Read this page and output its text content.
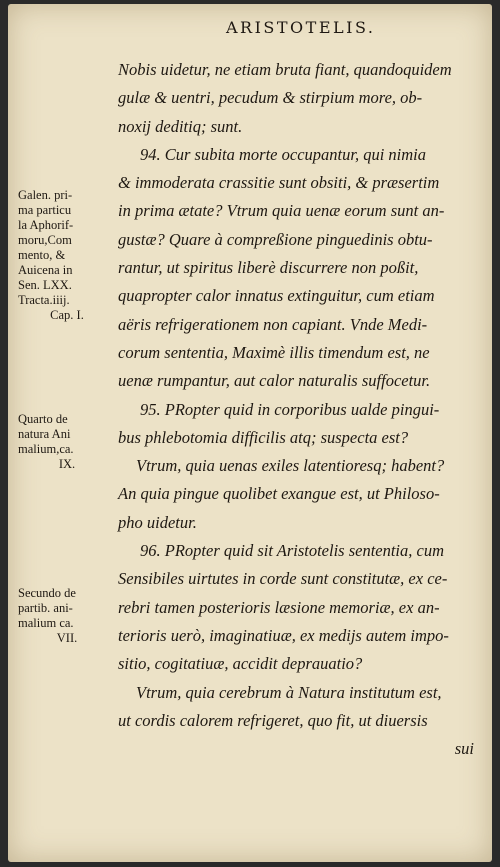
ARISTOTELIS.
Nobis uidetur, ne etiam bruta fiant, quandoquidem
gulæ & uentri, pecudum & stirpium more, ob-
noxij deditiq; sunt.
94. Cur subita morte occupantur, qui nimia
& immoderata crassitie sunt obsiti, & præsertim
in prima ætate? Vtrum quia uenæ eorum sunt an-
gustæ? Quare à compreßione pinguedinis obtu-
rantur, ut spiritus liberè discurrere non poßit,
quapropter calor innatus extinguitur, cum etiam
aëris refrigerationem non capiant. Vnde Medi-
corum sententia, Maximè illis timendum est, ne
uenæ rumpantur, aut calor naturalis suffocetur.
95. PRopter quid in corporibus ualde pingui-
bus phlebotomia difficilis atq; suspecta est?
Vtrum, quia uenas exiles latentioresq; habent?
An quia pingue quolibet exangue est, ut Philoso-
pho uidetur.
96. PRopter quid sit Aristotelis sententia, cum
Sensibiles uirtutes in corde sunt constitutæ, ex ce-
rebri tamen posterioris læsione memoriæ, ex an-
terioris uerò, imaginatiuæ, ex medijs autem impo-
sitio, cogitatiuæ, accidit deprauatio?
Vtrum, quia cerebrum à Natura institutum est,
ut cordis calorem refrigeret, quo fit, ut diuersis
sui
Galen. pri-
ma particu
la Aphorif-
moru,Com
mento, &
Auicena in
Sen. LXX.
Tracta.iiij.
Cap. I.
Quarto de
natura Ani
malium,ca.
IX.
Secundo de
partib. ani-
malium ca.
VII.
